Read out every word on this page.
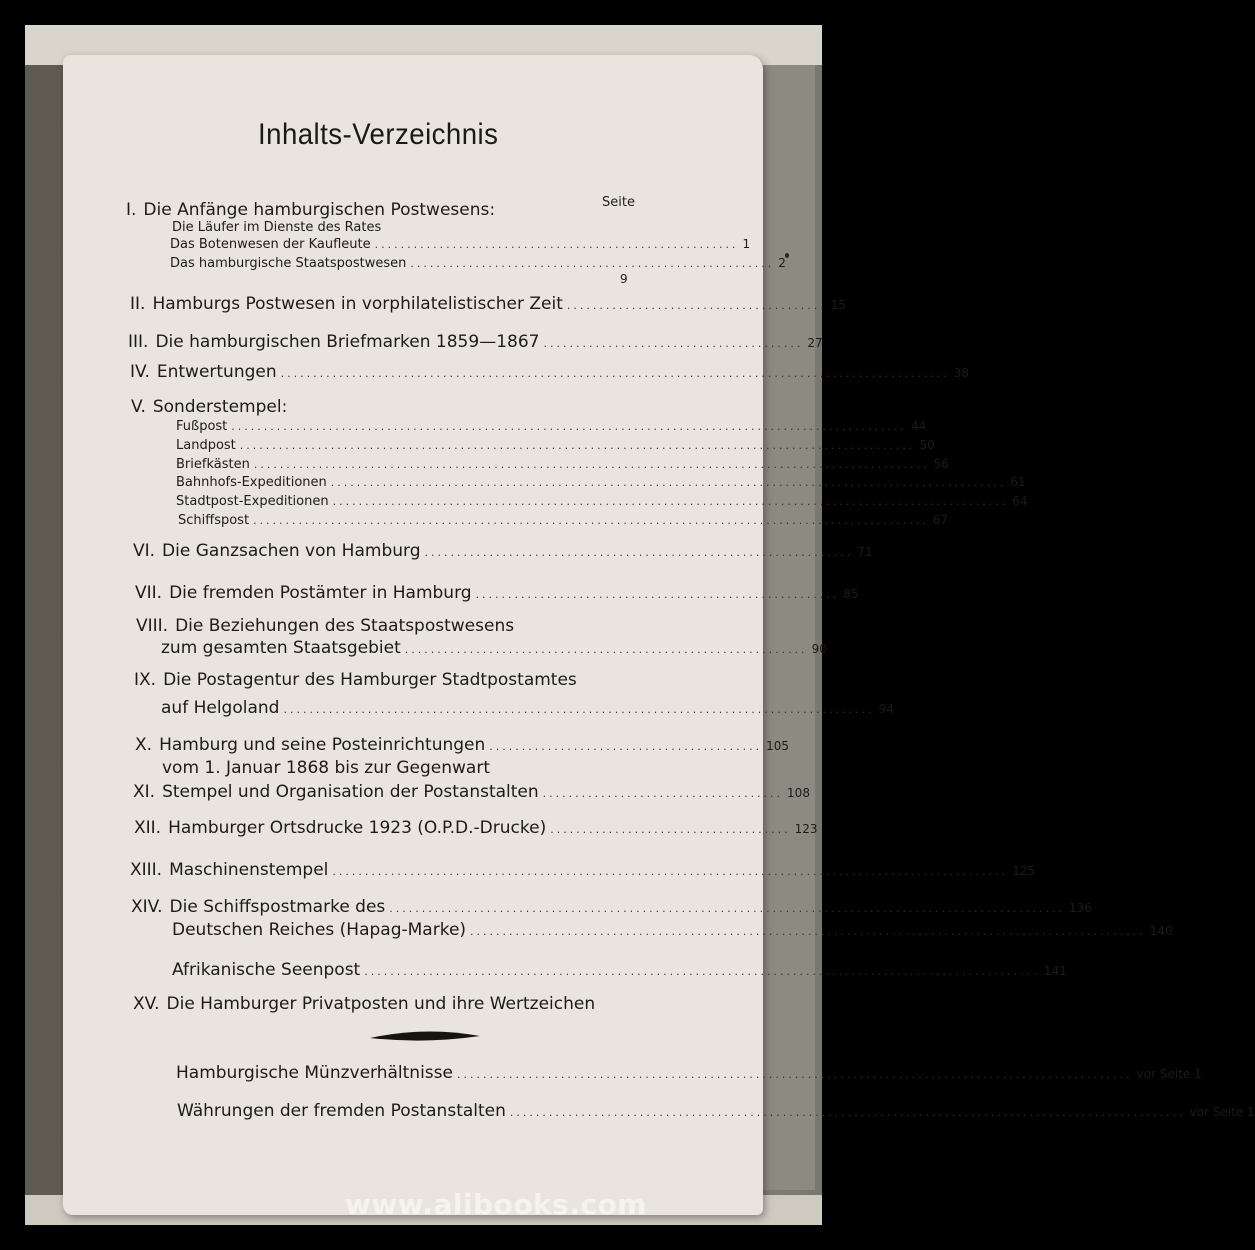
Inhalts-Verzeichnis
Seite
I. Die Anfänge hamburgischen Postwesens:
Die Läufer im Dienste des Rates
Das Botenwesen der Kaufleute ........................................................ 1
Das hamburgische Staatspostwesen ........................................................ 2
9
II. Hamburgs Postwesen in vorphilatelistischer Zeit ........................................ 15
III. Die hamburgischen Briefmarken 1859—1867 ........................................ 27
IV. Entwertungen ....................................................................................................... 38
V. Sonderstempel:
Fußpost ........................................................................................................ 44
Landpost ........................................................................................................ 50
Briefkästen ........................................................................................................ 56
Bahnhofs-Expeditionen ........................................................................................................ 61
Stadtpost-Expeditionen ........................................................................................................ 64
Schiffspost ........................................................................................................ 67
VI. Die Ganzsachen von Hamburg .................................................................. 71
VII. Die fremden Postämter in Hamburg ........................................................ 85
VIII. Die Beziehungen des Staatspostwesens
zum gesamten Staatsgebiet .............................................................. 90
IX. Die Postagentur des Hamburger Stadtpostamtes
auf Helgoland ........................................................................................... 94
X. Hamburg und seine Posteinrichtungen .......................................... 105
vom 1. Januar 1868 bis zur Gegenwart
XI. Stempel und Organisation der Postanstalten ..................................... 108
XII. Hamburger Ortsdrucke 1923 (O.P.D.-Drucke) ..................................... 123
XIII. Maschinenstempel ........................................................................................................ 125
XIV. Die Schiffspostmarke des ........................................................................................................ 136
Deutschen Reiches (Hapag-Marke) ........................................................................................................ 140
Afrikanische Seenpost ........................................................................................................ 141
XV. Die Hamburger Privatposten und ihre Wertzeichen
Hamburgische Münzverhältnisse ........................................................................................................ vor Seite 1
Währungen der fremden Postanstalten ........................................................................................................ vor Seite 1
www.alibooks.com
